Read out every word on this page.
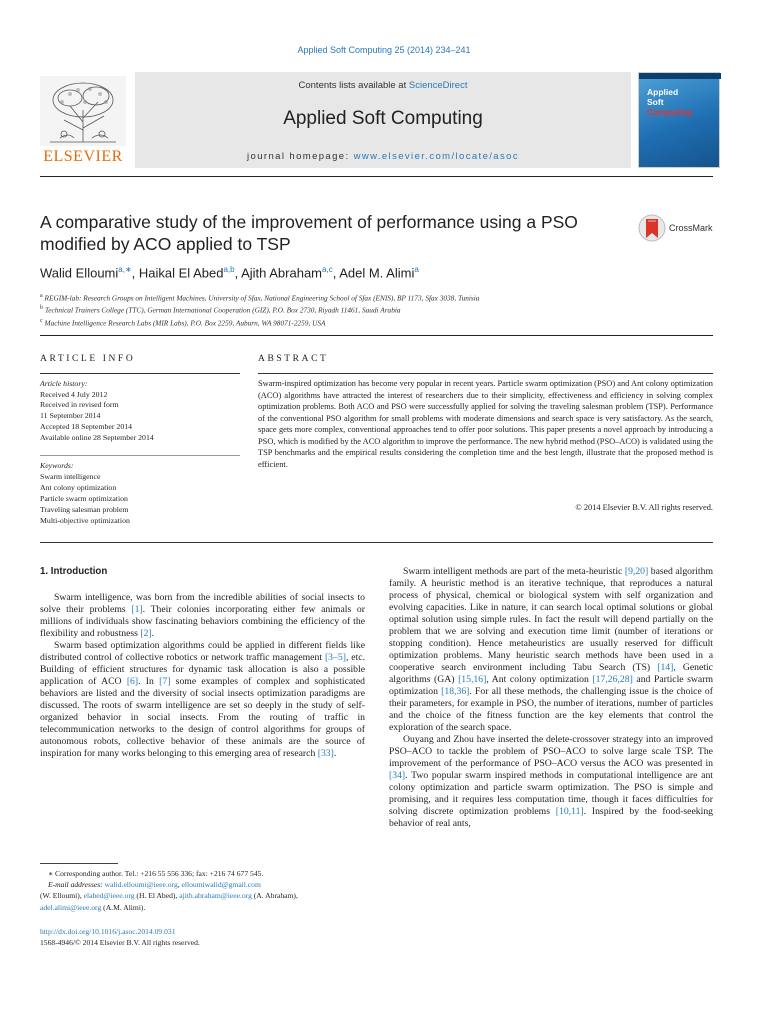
Applied Soft Computing 25 (2014) 234–241
ELSEVIER
Contents lists available at ScienceDirect
Applied Soft Computing
journal homepage: www.elsevier.com/locate/asoc
Applied
Soft
Computing
A comparative study of the improvement of performance using a PSO modified by ACO applied to TSP
CrossMark
Walid Elloumi$^{a,∗}$, Haikal El Abed$^{a,b}$, Ajith Abraham$^{a,c}$, Adel M. Alimi$^a$
$^a$ REGIM-lab: Research Groups on Intelligent Machines, University of Sfax, National Engineering School of Sfax (ENIS), BP 1173, Sfax 3038, Tunisia
$^b$ Technical Trainers College (TTC), German International Cooperation (GIZ), P.O. Box 2730, Riyadh 11461, Saudi Arabia
$^c$ Machine Intelligence Research Labs (MIR Labs), P.O. Box 2259, Auburn, WA 98071-2259, USA
ARTICLE INFO	ABSTRACT
Article history:
Received 4 July 2012
Received in revised form
11 September 2014
Accepted 18 September 2014
Available online 28 September 2014
Keywords:
Swarm intelligence
Ant colony optimization
Particle swarm optimization
Traveling salesman problem
Multi-objective optimization
Swarm-inspired optimization has become very popular in recent years. Particle swarm optimization (PSO) and Ant colony optimization (ACO) algorithms have attracted the interest of researchers due to their simplicity, effectiveness and efficiency in solving complex optimization problems. Both ACO and PSO were successfully applied for solving the traveling salesman problem (TSP). Performance of the conventional PSO algorithm for small problems with moderate dimensions and search space is very satisfactory. As the search, space gets more complex, conventional approaches tend to offer poor solutions. This paper presents a novel approach by introducing a PSO, which is modified by the ACO algorithm to improve the performance. The new hybrid method (PSO–ACO) is validated using the TSP benchmarks and the empirical results considering the completion time and the best length, illustrate that the proposed method is efficient.
© 2014 Elsevier B.V. All rights reserved.
1. Introduction

Swarm intelligence, was born from the incredible abilities of social insects to solve their problems [1]. Their colonies incorporating either few animals or millions of individuals show fascinating behaviors combining the efficiency of the flexibility and robustness [2].

Swarm based optimization algorithms could be applied in different fields like distributed control of collective robotics or network traffic management [3–5], etc. Building of efficient structures for dynamic task allocation is also a possible application of ACO [6]. In [7] some examples of complex and sophisticated behaviors are listed and the diversity of social insects optimization paradigms are discussed. The roots of swarm intelligence are set so deeply in the study of self-organized behavior in social insects. From the routing of traffic in telecommunication networks to the design of control algorithms for groups of autonomous robots, collective behavior of these animals are the source of inspiration for many works belonging to this emerging area of research [33].

Swarm intelligent methods are part of the meta-heuristic [9,20] based algorithm family. A heuristic method is an iterative technique, that reproduces a natural process of physical, chemical or biological system with self organization and evolving capacities. Like in nature, it can search local optimal solutions or global optimal solution using simple rules. In fact the result will depend partially on the problem that we are solving and execution time limit (number of iterations or stopping condition). Hence metaheuristics are usually reserved for difficult optimization problems. Many heuristic search methods have been used in a cooperative search environment including Tabu Search (TS) [14], Genetic algorithms (GA) [15,16], Ant colony optimization [17,26,28] and Particle swarm optimization [18,36]. For all these methods, the challenging issue is the choice of their parameters, for example in PSO, the number of iterations, number of particles and the choice of the fitness function are the key elements that control the exploration of the search space.

Ouyang and Zhou have inserted the delete-crossover strategy into an improved PSO–ACO to tackle the problem of PSO–ACO to solve large scale TSP. The improvement of the performance of PSO–ACO versus the ACO was presented in [34]. Two popular swarm inspired methods in computational intelligence are ant colony optimization and particle swarm optimization. The PSO is simple and promising, and it requires less computation time, though it faces difficulties for solving discrete optimization problems [10,11]. Inspired by the food-seeking behavior of real ants,

∗ Corresponding author. Tel.: +216 55 556 336; fax: +216 74 677 545.
E-mail addresses: walid.elloumi@ieee.org, elloumiwalid@gmail.com
(W. Elloumi), elabed@ieee.org (H. El Abed), ajith.abraham@ieee.org (A. Abraham),
adel.alimi@ieee.org (A.M. Alimi).
http://dx.doi.org/10.1016/j.asoc.2014.09.031
1568-4946/© 2014 Elsevier B.V. All rights reserved.
